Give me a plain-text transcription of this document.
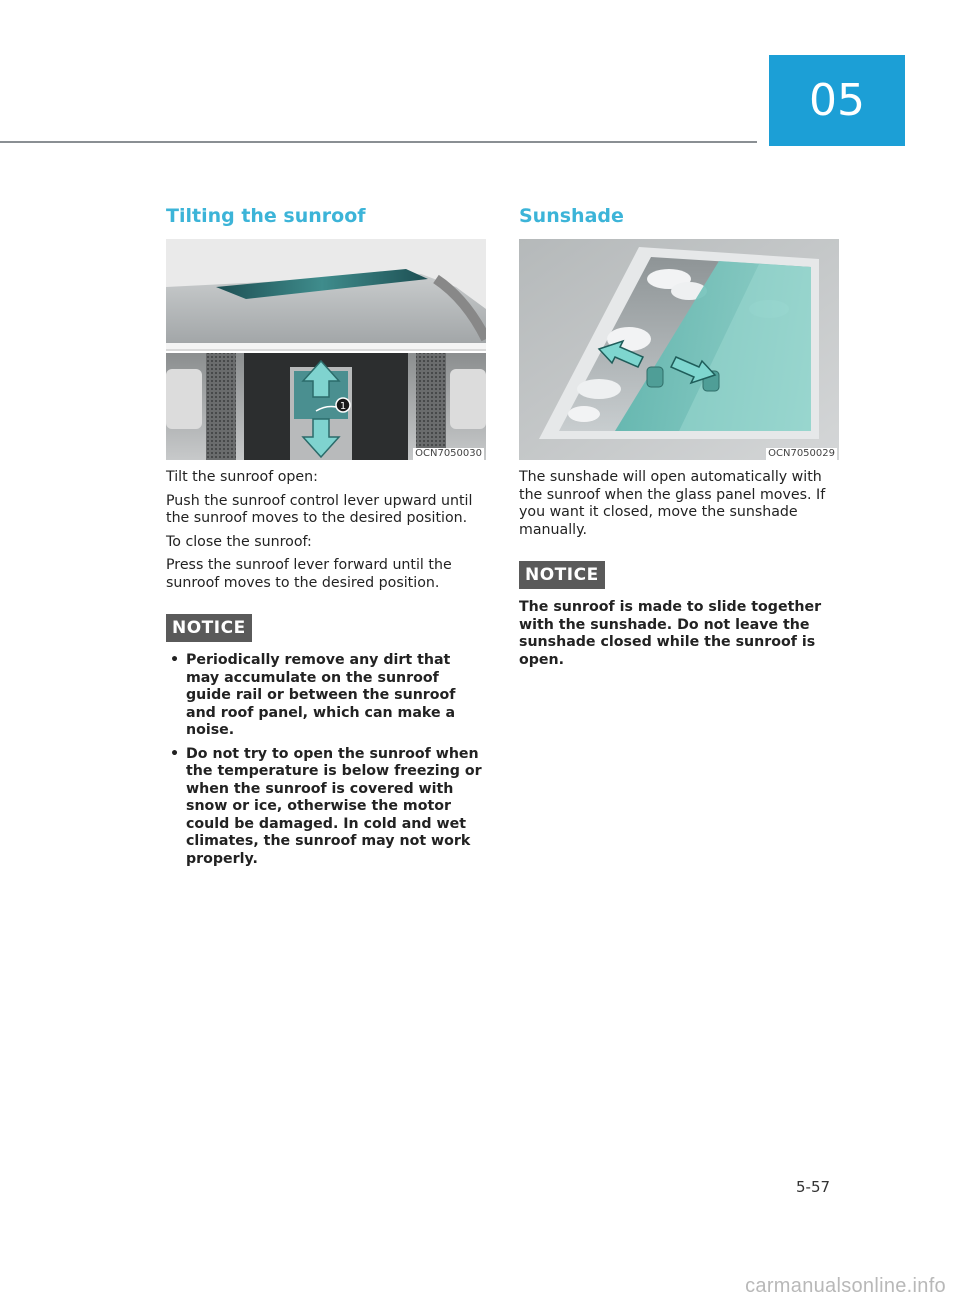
05
Tilting the sunroof
1
OCN7050030

Tilt the sunroof open:

Push the sunroof control lever upward until the sunroof moves to the desired position.

To close the sunroof:

Press the sunroof lever forward until the sunroof moves to the desired position.

NOTICE
• Periodically remove any dirt that may accumulate on the sunroof guide rail or between the sunroof and roof panel, which can make a noise.
• Do not try to open the sunroof when the temperature is below freezing or when the sunroof is covered with snow or ice, otherwise the motor could be damaged. In cold and wet climates, the sunroof may not work properly.
Sunshade
OCN7050029

The sunshade will open automatically with the sunroof when the glass panel moves. If you want it closed, move the sunshade manually.

NOTICE

The sunroof is made to slide together with the sunshade. Do not leave the sunshade closed while the sunroof is open.

5-57
carmanualsonline.info
